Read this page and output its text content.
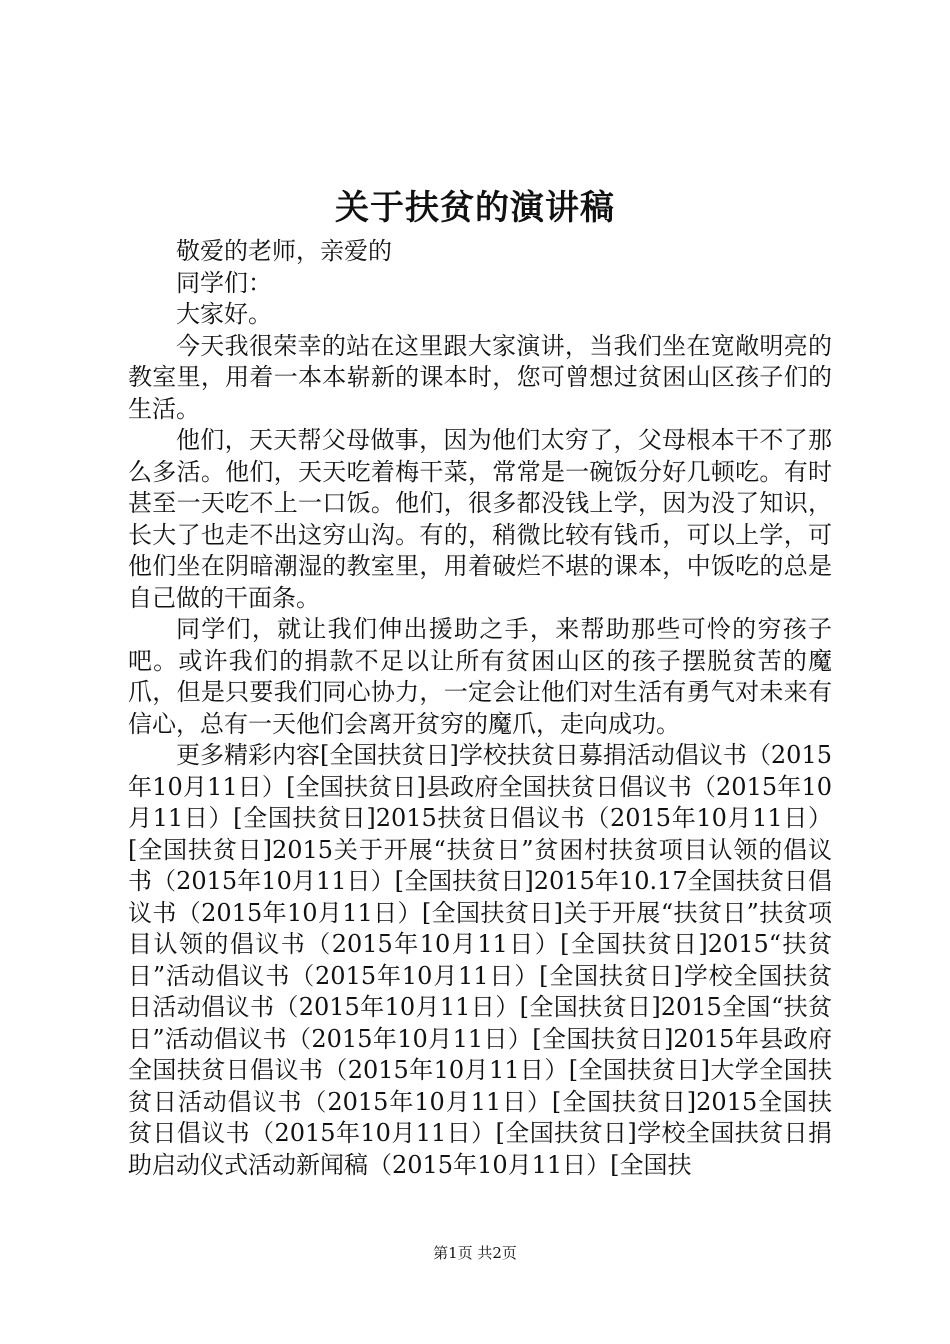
关于扶贫的演讲稿

敬爱的老师，亲爱的

同学们：

大家好。

今天我很荣幸的站在这里跟大家演讲，当我们坐在宽敞明亮的教室里，用着一本本崭新的课本时，您可曾想过贫困山区孩子们的生活。

他们，天天帮父母做事，因为他们太穷了，父母根本干不了那么多活。他们，天天吃着梅干菜，常常是一碗饭分好几顿吃。有时甚至一天吃不上一口饭。他们，很多都没钱上学，因为没了知识，长大了也走不出这穷山沟。有的，稍微比较有钱币，可以上学，可他们坐在阴暗潮湿的教室里，用着破烂不堪的课本，中饭吃的总是自己做的干面条。

同学们，就让我们伸出援助之手，来帮助那些可怜的穷孩子吧。或许我们的捐款不足以让所有贫困山区的孩子摆脱贫苦的魔爪，但是只要我们同心协力，一定会让他们对生活有勇气对未来有信心，总有一天他们会离开贫穷的魔爪，走向成功。

更多精彩内容[全国扶贫日]学校扶贫日募捐活动倡议书（2015年10月11日）[全国扶贫日]县政府全国扶贫日倡议书（2015年10月11日）[全国扶贫日]2015扶贫日倡议书（2015年10月11日）[全国扶贫日]2015关于开展“扶贫日”贫困村扶贫项目认领的倡议书（2015年10月11日）[全国扶贫日]2015年10.17全国扶贫日倡议书（2015年10月11日）[全国扶贫日]关于开展“扶贫日”扶贫项目认领的倡议书（2015年10月11日）[全国扶贫日]2015“扶贫日”活动倡议书（2015年10月11日）[全国扶贫日]学校全国扶贫日活动倡议书（2015年10月11日）[全国扶贫日]2015全国“扶贫日”活动倡议书（2015年10月11日）[全国扶贫日]2015年县政府全国扶贫日倡议书（2015年10月11日）[全国扶贫日]大学全国扶贫日活动倡议书（2015年10月11日）[全国扶贫日]2015全国扶贫日倡议书（2015年10月11日）[全国扶贫日]学校全国扶贫日捐助启动仪式活动新闻稿（2015年10月11日）[全国扶

第1页 共2页
